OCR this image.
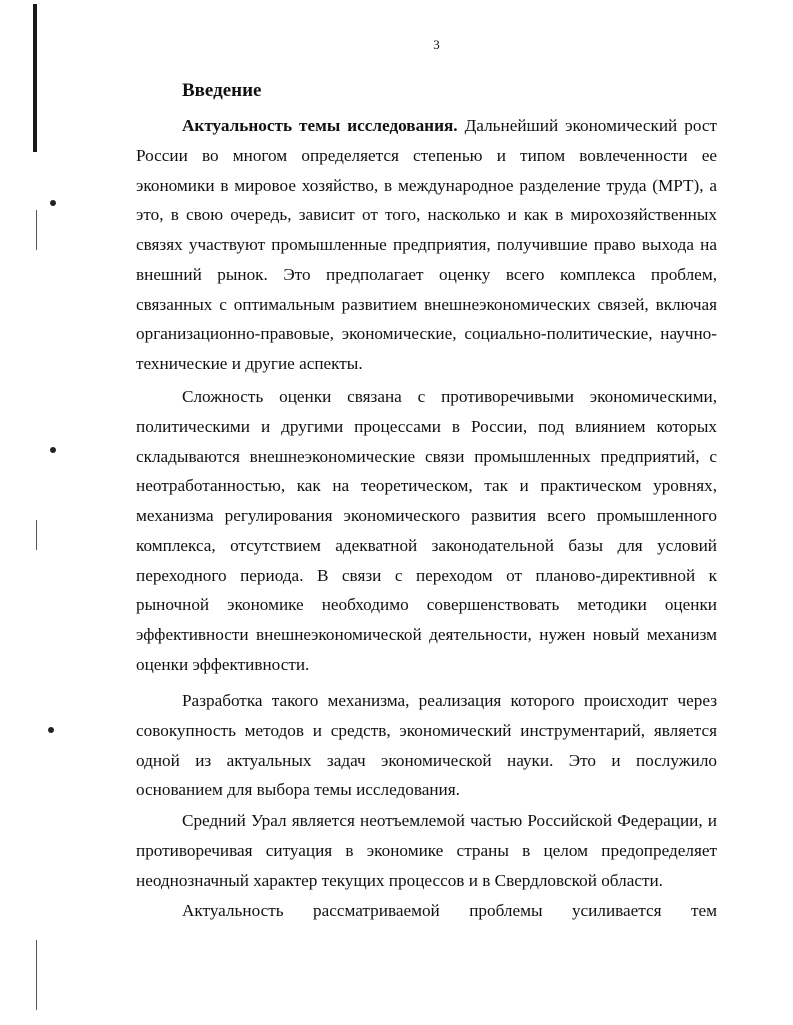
3
Введение

Актуальность темы исследования. Дальнейший экономический рост России во многом определяется степенью и типом вовлеченности ее экономики в мировое хозяйство, в международное разделение труда (МРТ), а это, в свою очередь, зависит от того, насколько и как в мирохозяйственных связях участвуют промышленные предприятия, получившие право выхода на внешний рынок. Это предполагает оценку всего комплекса проблем, связанных с оптимальным развитием внешнеэкономических связей, включая организационно-правовые, экономические, социально-политические, научно-технические и другие аспекты.

Сложность оценки связана с противоречивыми экономическими, политическими и другими процессами в России, под влиянием которых складываются внешнеэкономические связи промышленных предприятий, с неотработанностью, как на теоретическом, так и практическом уровнях, механизма регулирования экономического развития всего промышленного комплекса, отсутствием адекватной законодательной базы для условий переходного периода. В связи с переходом от планово-директивной к рыночной экономике необходимо совершенствовать методики оценки эффективности внешнеэкономической деятельности, нужен новый механизм оценки эффективности.

Разработка такого механизма, реализация которого происходит через совокупность методов и средств, экономический инструментарий, является одной из актуальных задач экономической науки. Это и послужило основанием для выбора темы исследования.

Средний Урал является неотъемлемой частью Российской Федерации, и противоречивая ситуация в экономике страны в целом предопределяет неоднозначный характер текущих процессов и в Свердловской области.

Актуальность рассматриваемой проблемы усиливается тем
